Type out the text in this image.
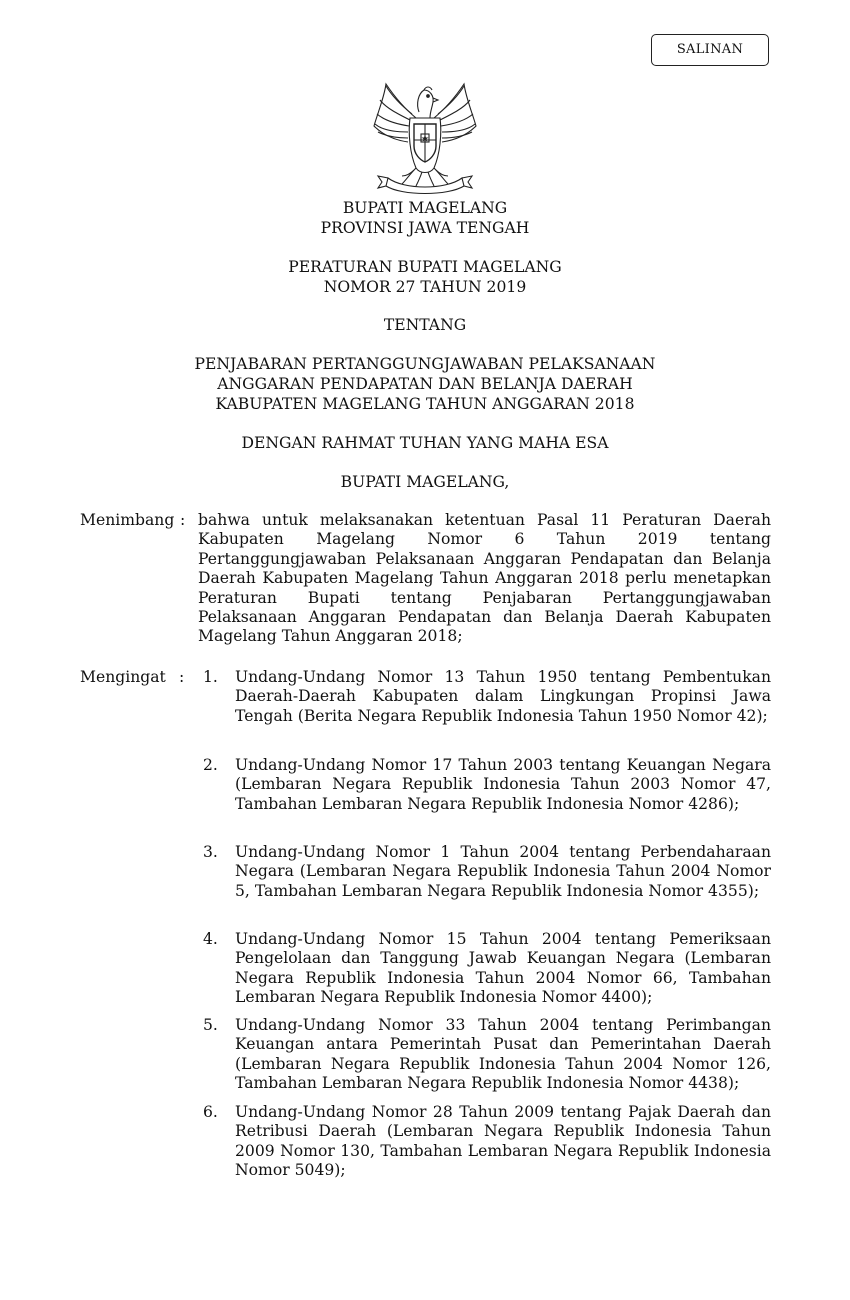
SALINAN
BUPATI MAGELANG
PROVINSI JAWA TENGAH
PERATURAN BUPATI MAGELANG
NOMOR 27 TAHUN 2019
TENTANG
PENJABARAN PERTANGGUNGJAWABAN PELAKSANAAN
ANGGARAN PENDAPATAN DAN BELANJA DAERAH
KABUPATEN MAGELANG TAHUN ANGGARAN 2018
DENGAN RAHMAT TUHAN YANG MAHA ESA
BUPATI MAGELANG,
Menimbang : bahwa untuk melaksanakan ketentuan Pasal 11 Peraturan Daerah Kabupaten Magelang Nomor 6 Tahun 2019 tentang Pertanggungjawaban Pelaksanaan Anggaran Pendapatan dan Belanja Daerah Kabupaten Magelang Tahun Anggaran 2018 perlu menetapkan Peraturan Bupati tentang Penjabaran Pertanggungjawaban Pelaksanaan Anggaran Pendapatan dan Belanja Daerah Kabupaten Magelang Tahun Anggaran 2018;
Mengingat : 1. Undang-Undang Nomor 13 Tahun 1950 tentang Pembentukan Daerah-Daerah Kabupaten dalam Lingkungan Propinsi Jawa Tengah (Berita Negara Republik Indonesia Tahun 1950 Nomor 42);
2. Undang-Undang Nomor 17 Tahun 2003 tentang Keuangan Negara (Lembaran Negara Republik Indonesia Tahun 2003 Nomor 47, Tambahan Lembaran Negara Republik Indonesia Nomor 4286);
3. Undang-Undang Nomor 1 Tahun 2004 tentang Perbendaharaan Negara (Lembaran Negara Republik Indonesia Tahun 2004 Nomor 5, Tambahan Lembaran Negara Republik Indonesia Nomor 4355);
4. Undang-Undang Nomor 15 Tahun 2004 tentang Pemeriksaan Pengelolaan dan Tanggung Jawab Keuangan Negara (Lembaran Negara Republik Indonesia Tahun 2004 Nomor 66, Tambahan Lembaran Negara Republik Indonesia Nomor 4400);
5. Undang-Undang Nomor 33 Tahun 2004 tentang Perimbangan Keuangan antara Pemerintah Pusat dan Pemerintahan Daerah (Lembaran Negara Republik Indonesia Tahun 2004 Nomor 126, Tambahan Lembaran Negara Republik Indonesia Nomor 4438);
6. Undang-Undang Nomor 28 Tahun 2009 tentang Pajak Daerah dan Retribusi Daerah (Lembaran Negara Republik Indonesia Tahun 2009 Nomor 130, Tambahan Lembaran Negara Republik Indonesia Nomor 5049);
